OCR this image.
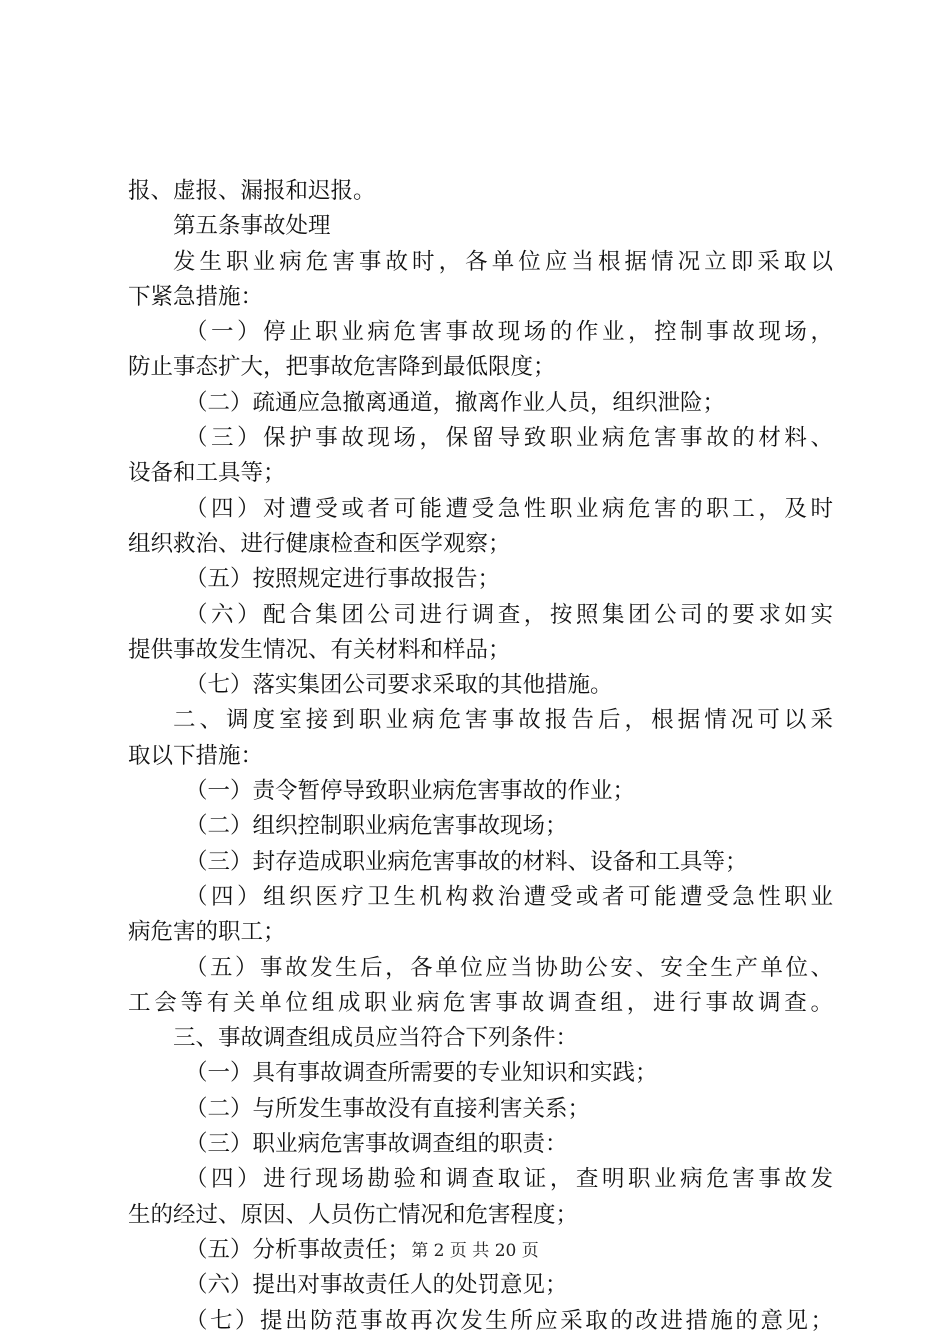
报、虚报、漏报和迟报。
第五条事故处理
发生职业病危害事故时，各单位应当根据情况立即采取以
下紧急措施：
（一）停止职业病危害事故现场的作业，控制事故现场，
防止事态扩大，把事故危害降到最低限度；
（二）疏通应急撤离通道，撤离作业人员，组织泄险；
（三）保护事故现场，保留导致职业病危害事故的材料、
设备和工具等；
（四）对遭受或者可能遭受急性职业病危害的职工，及时
组织救治、进行健康检查和医学观察；
（五）按照规定进行事故报告；
（六）配合集团公司进行调查，按照集团公司的要求如实
提供事故发生情况、有关材料和样品；
（七）落实集团公司要求采取的其他措施。
二、调度室接到职业病危害事故报告后，根据情况可以采
取以下措施：
（一）责令暂停导致职业病危害事故的作业；
（二）组织控制职业病危害事故现场；
（三）封存造成职业病危害事故的材料、设备和工具等；
（四）组织医疗卫生机构救治遭受或者可能遭受急性职业
病危害的职工；
（五）事故发生后，各单位应当协助公安、安全生产单位、
工会等有关单位组成职业病危害事故调查组，进行事故调查。
三、事故调查组成员应当符合下列条件：
（一）具有事故调查所需要的专业知识和实践；
（二）与所发生事故没有直接利害关系；
（三）职业病危害事故调查组的职责：
（四）进行现场勘验和调查取证，查明职业病危害事故发
生的经过、原因、人员伤亡情况和危害程度；
（五）分析事故责任；
（六）提出对事故责任人的处罚意见；
（七）提出防范事故再次发生所应采取的改进措施的意见；
第 2 页 共 20 页
